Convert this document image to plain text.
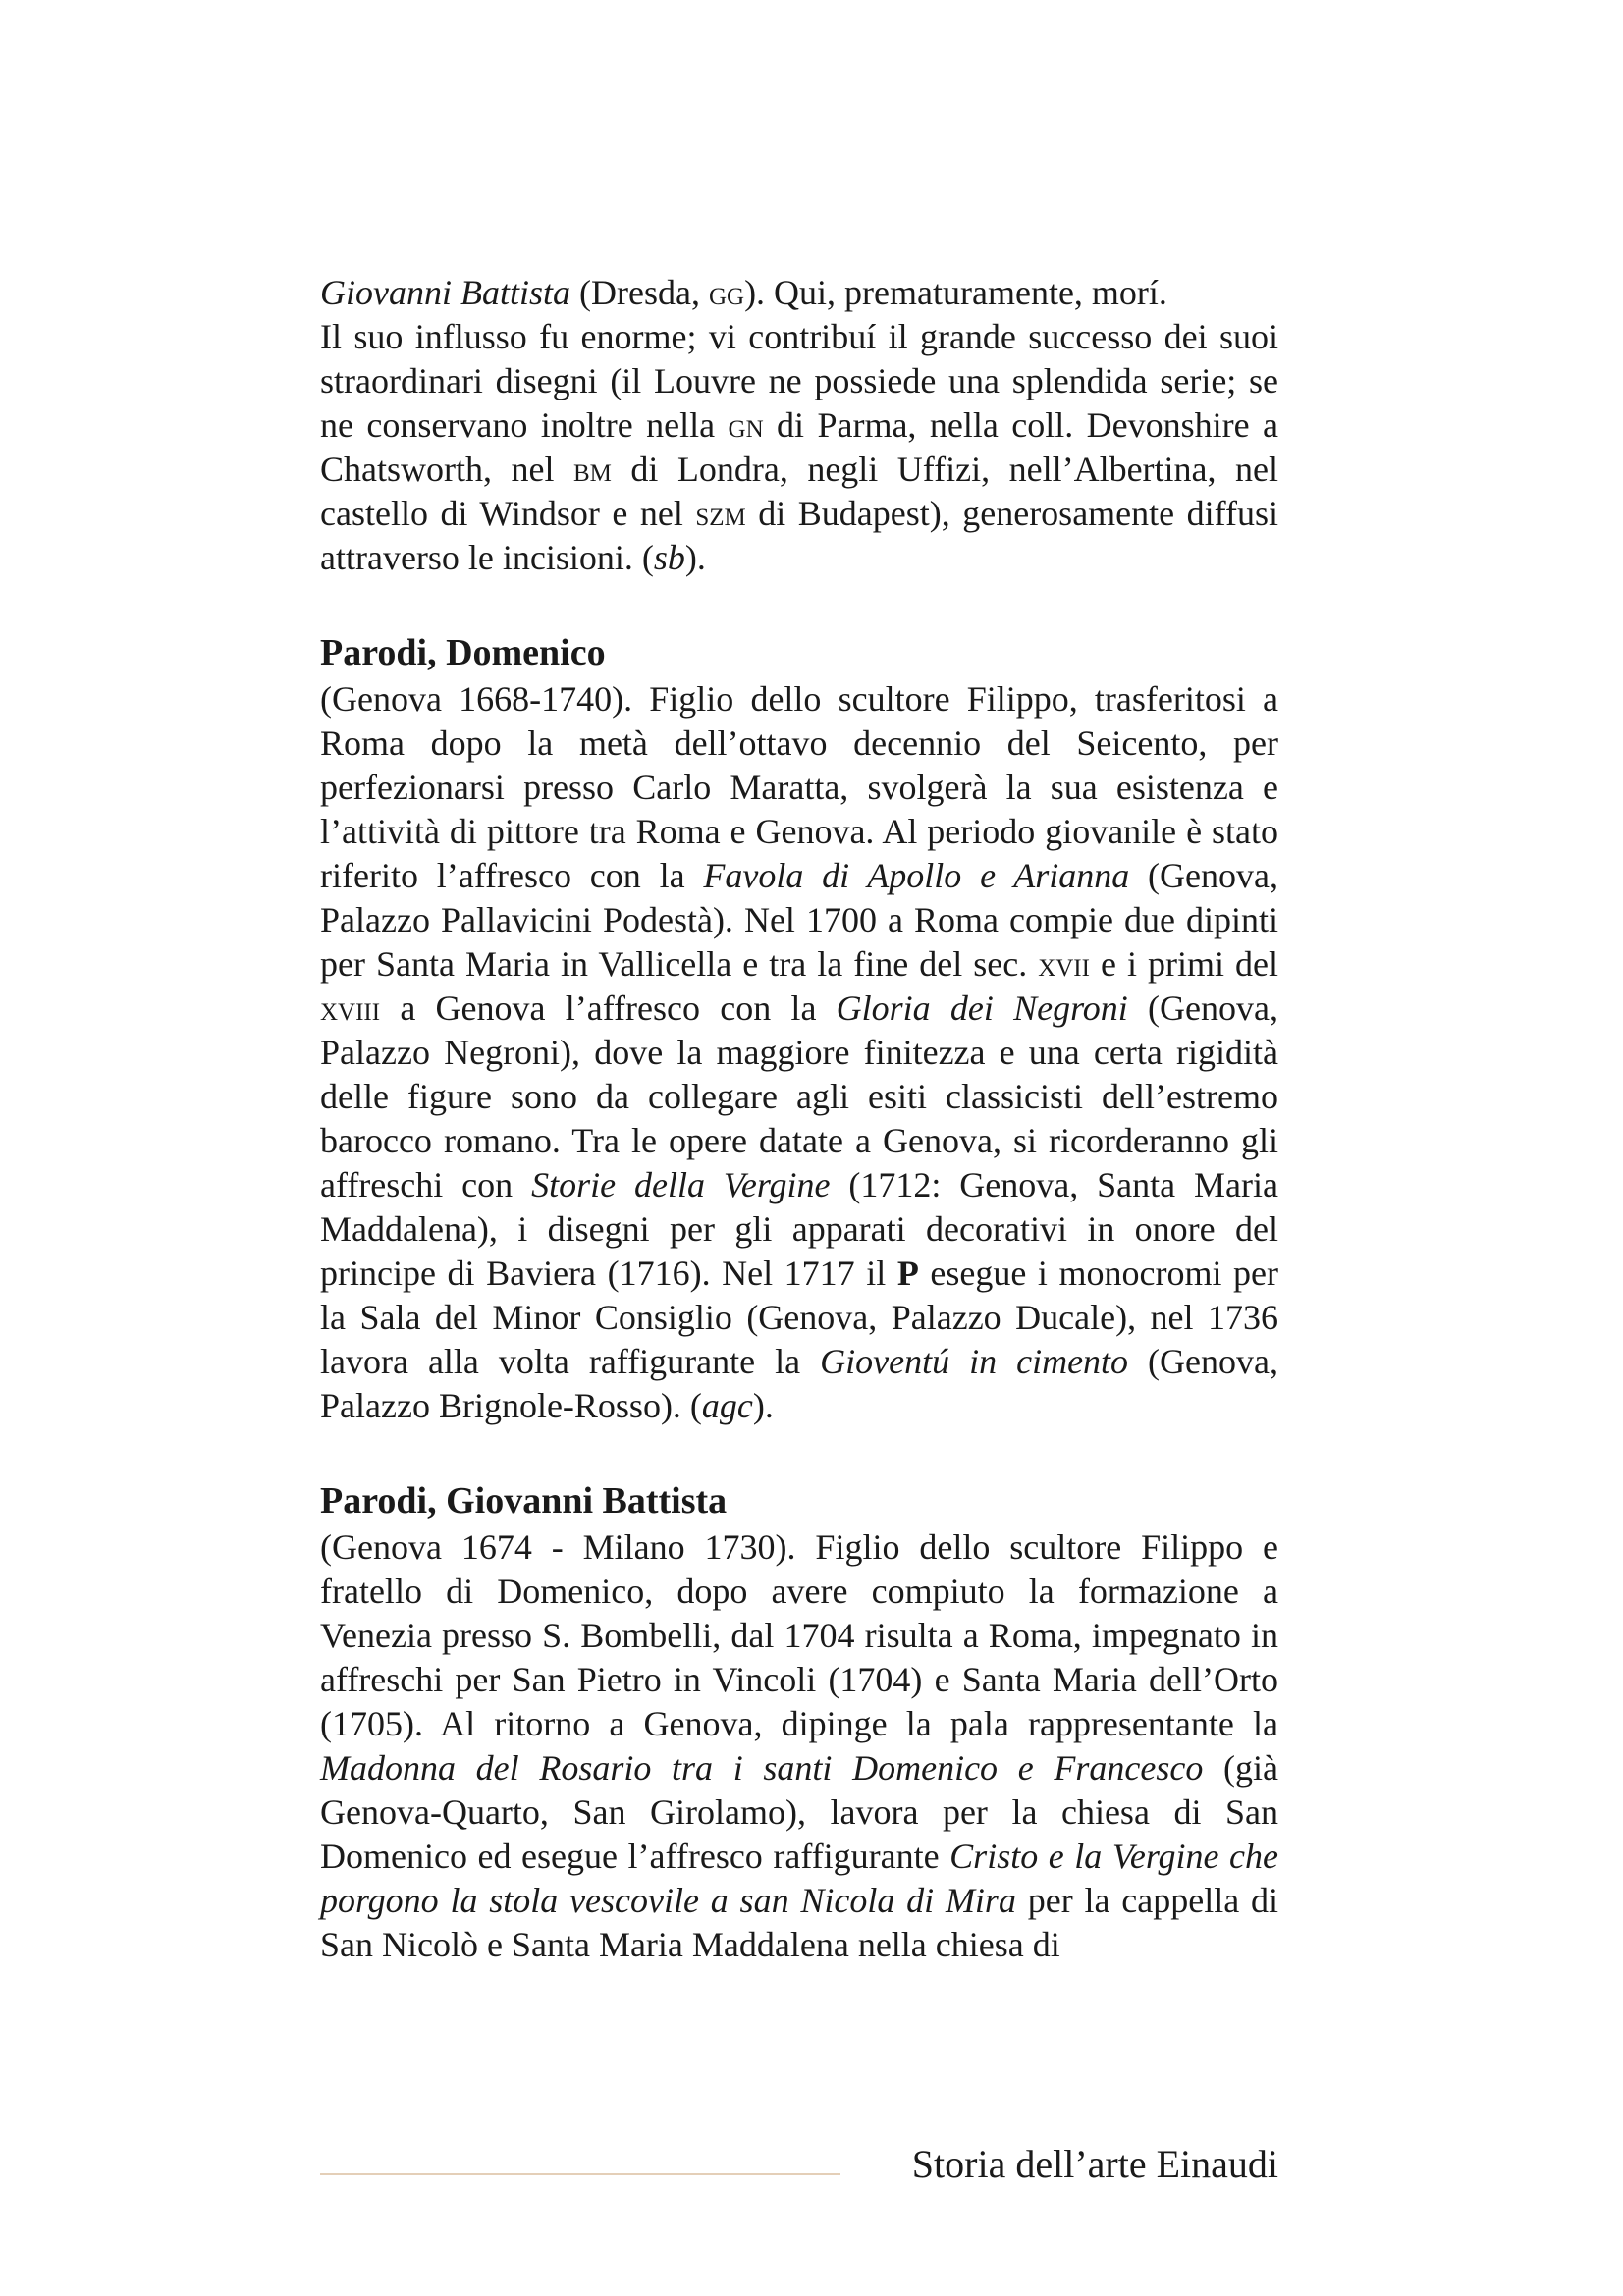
Giovanni Battista (Dresda, gg). Qui, prematuramente, morí.

Il suo influsso fu enorme; vi contribuí il grande successo dei suoi straordinari disegni (il Louvre ne possiede una splendida serie; se ne conservano inoltre nella gn di Parma, nella coll. Devonshire a Chatsworth, nel bm di Londra, negli Uffizi, nell’Albertina, nel castello di Windsor e nel szm di Budapest), generosamente diffusi attraverso le incisioni. (sb).

Parodi, Domenico

(Genova 1668-1740). Figlio dello scultore Filippo, trasferitosi a Roma dopo la metà dell’ottavo decennio del Seicento, per perfezionarsi presso Carlo Maratta, svolgerà la sua esistenza e l’attività di pittore tra Roma e Genova. Al periodo giovanile è stato riferito l’affresco con la Favola di Apollo e Arianna (Genova, Palazzo Pallavicini Podestà). Nel 1700 a Roma compie due dipinti per Santa Maria in Vallicella e tra la fine del sec. xvii e i primi del xviii a Genova l’affresco con la Gloria dei Negroni (Genova, Palazzo Negroni), dove la maggiore finitezza e una certa rigidità delle figure sono da collegare agli esiti classicisti dell’estremo barocco romano. Tra le opere datate a Genova, si ricorderanno gli affreschi con Storie della Vergine (1712: Genova, Santa Maria Maddalena), i disegni per gli apparati decorativi in onore del principe di Baviera (1716). Nel 1717 il P esegue i monocromi per la Sala del Minor Consiglio (Genova, Palazzo Ducale), nel 1736 lavora alla volta raffigurante la Gioventú in cimento (Genova, Palazzo Brignole-Rosso). (agc).

Parodi, Giovanni Battista

(Genova 1674 - Milano 1730). Figlio dello scultore Filippo e fratello di Domenico, dopo avere compiuto la formazione a Venezia presso S. Bombelli, dal 1704 risulta a Roma, impegnato in affreschi per San Pietro in Vincoli (1704) e Santa Maria dell’Orto (1705). Al ritorno a Genova, dipinge la pala rappresentante la Madonna del Rosario tra i santi Domenico e Francesco (già Genova-Quarto, San Girolamo), lavora per la chiesa di San Domenico ed esegue l’affresco raffigurante Cristo e la Vergine che porgono la stola vescovile a san Nicola di Mira per la cappella di San Nicolò e Santa Maria Maddalena nella chiesa di

Storia dell’arte Einaudi
